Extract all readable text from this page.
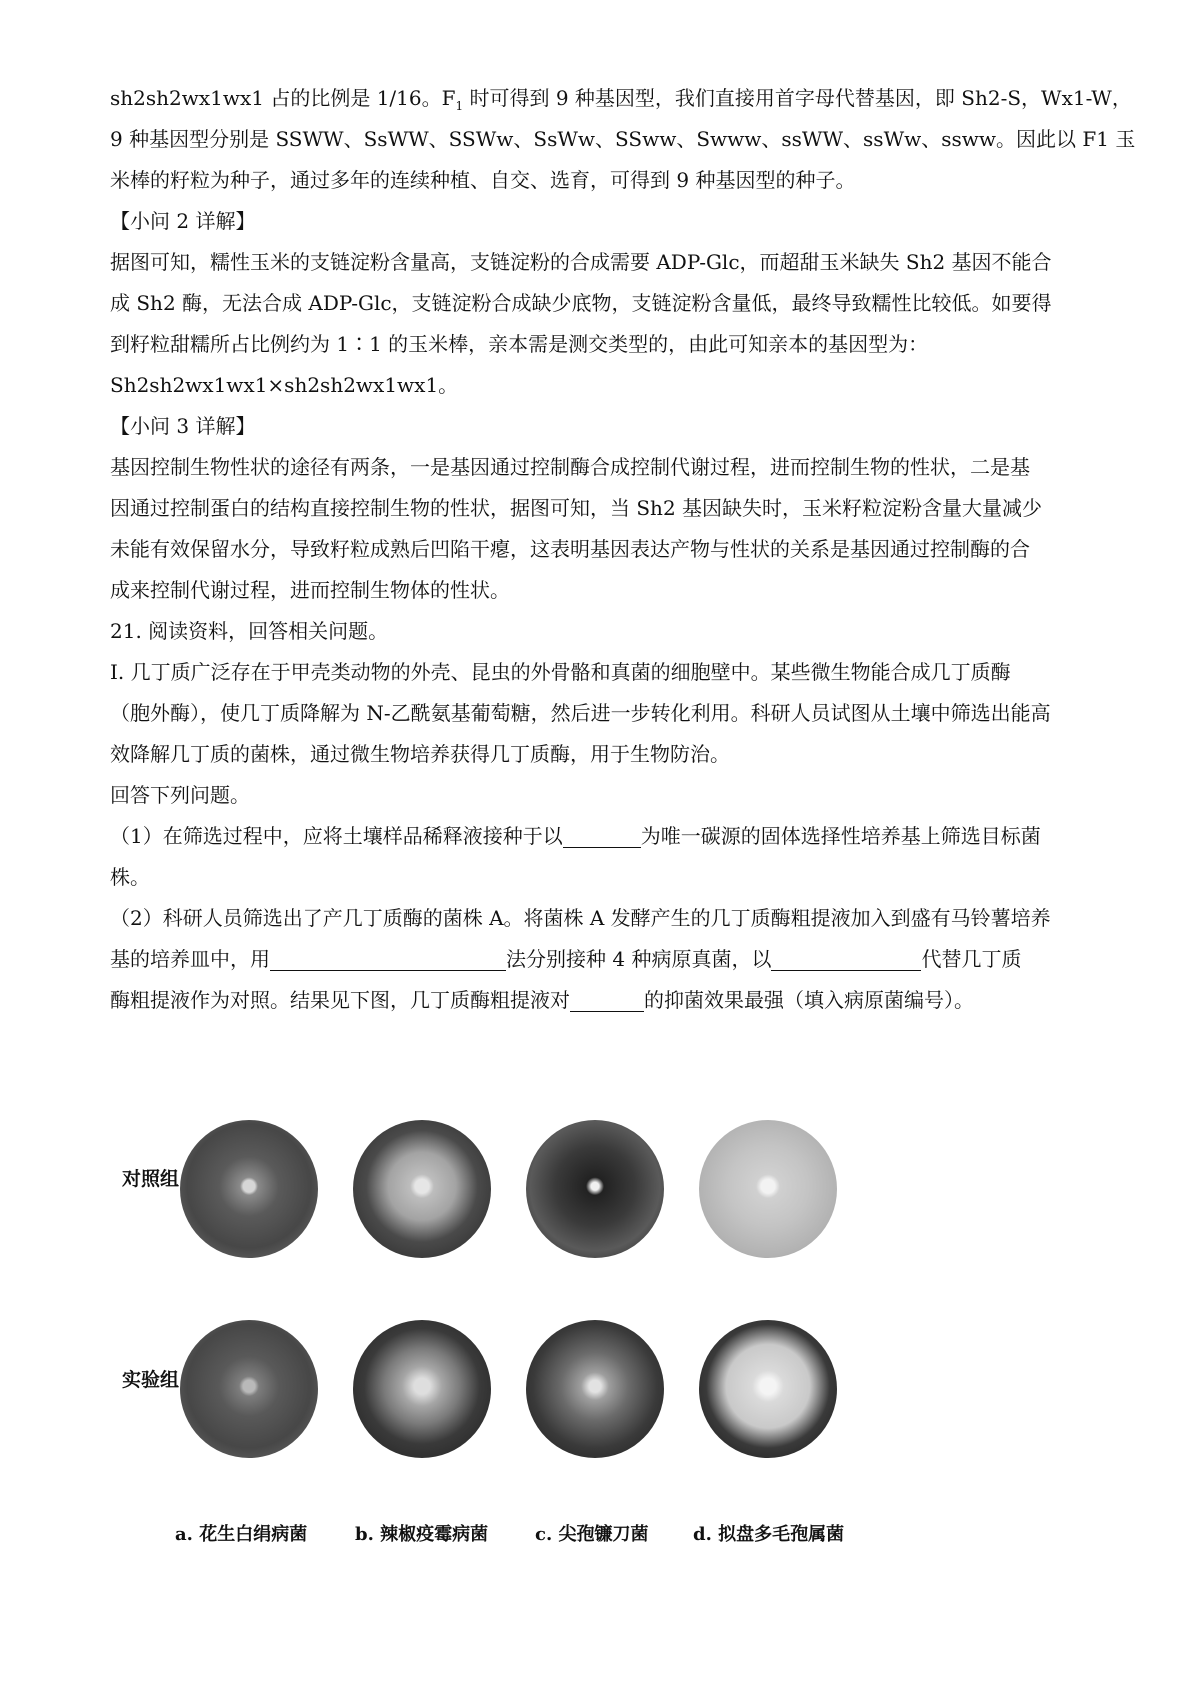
sh2sh2wx1wx1 占的比例是 1/16。$F_1$ 时可得到 9 种基因型，我们直接用首字母代替基因，即 Sh2-S，Wx1-W，

9 种基因型分别是 SSWW、SsWW、SSWw、SsWw、SSww、Swww、ssWW、ssWw、ssww。因此以 F1 玉

米棒的籽粒为种子，通过多年的连续种植、自交、选育，可得到 9 种基因型的种子。

【小问 2 详解】

据图可知，糯性玉米的支链淀粉含量高，支链淀粉的合成需要 ADP-Glc，而超甜玉米缺失 Sh2 基因不能合

成 Sh2 酶，无法合成 ADP-Glc，支链淀粉合成缺少底物，支链淀粉含量低，最终导致糯性比较低。如要得

到籽粒甜糯所占比例约为 1∶1 的玉米棒，亲本需是测交类型的，由此可知亲本的基因型为：

Sh2sh2wx1wx1×sh2sh2wx1wx1。

【小问 3 详解】

基因控制生物性状的途径有两条，一是基因通过控制酶合成控制代谢过程，进而控制生物的性状，二是基

因通过控制蛋白的结构直接控制生物的性状，据图可知，当 Sh2 基因缺失时，玉米籽粒淀粉含量大量减少

未能有效保留水分，导致籽粒成熟后凹陷干瘪，这表明基因表达产物与性状的关系是基因通过控制酶的合

成来控制代谢过程，进而控制生物体的性状。

21. 阅读资料，回答相关问题。

Ⅰ. 几丁质广泛存在于甲壳类动物的外壳、昆虫的外骨骼和真菌的细胞壁中。某些微生物能合成几丁质酶

（胞外酶），使几丁质降解为 N-乙酰氨基葡萄糖，然后进一步转化利用。科研人员试图从土壤中筛选出能高

效降解几丁质的菌株，通过微生物培养获得几丁质酶，用于生物防治。

回答下列问题。

（1）在筛选过程中，应将土壤样品稀释液接种于以	为唯一碳源的固体选择性培养基上筛选目标菌

株。

（2）科研人员筛选出了产几丁质酶的菌株 A。将菌株 A 发酵产生的几丁质酶粗提液加入到盛有马铃薯培养

基的培养皿中，用	法分别接种 4 种病原真菌，以	代替几丁质

酶粗提液作为对照。结果见下图，几丁质酶粗提液对	的抑菌效果最强（填入病原菌编号）。

对照组
实验组
a. 花生白绢病菌	b. 辣椒疫霉病菌	c. 尖孢镰刀菌 d. 拟盘多毛孢属菌
